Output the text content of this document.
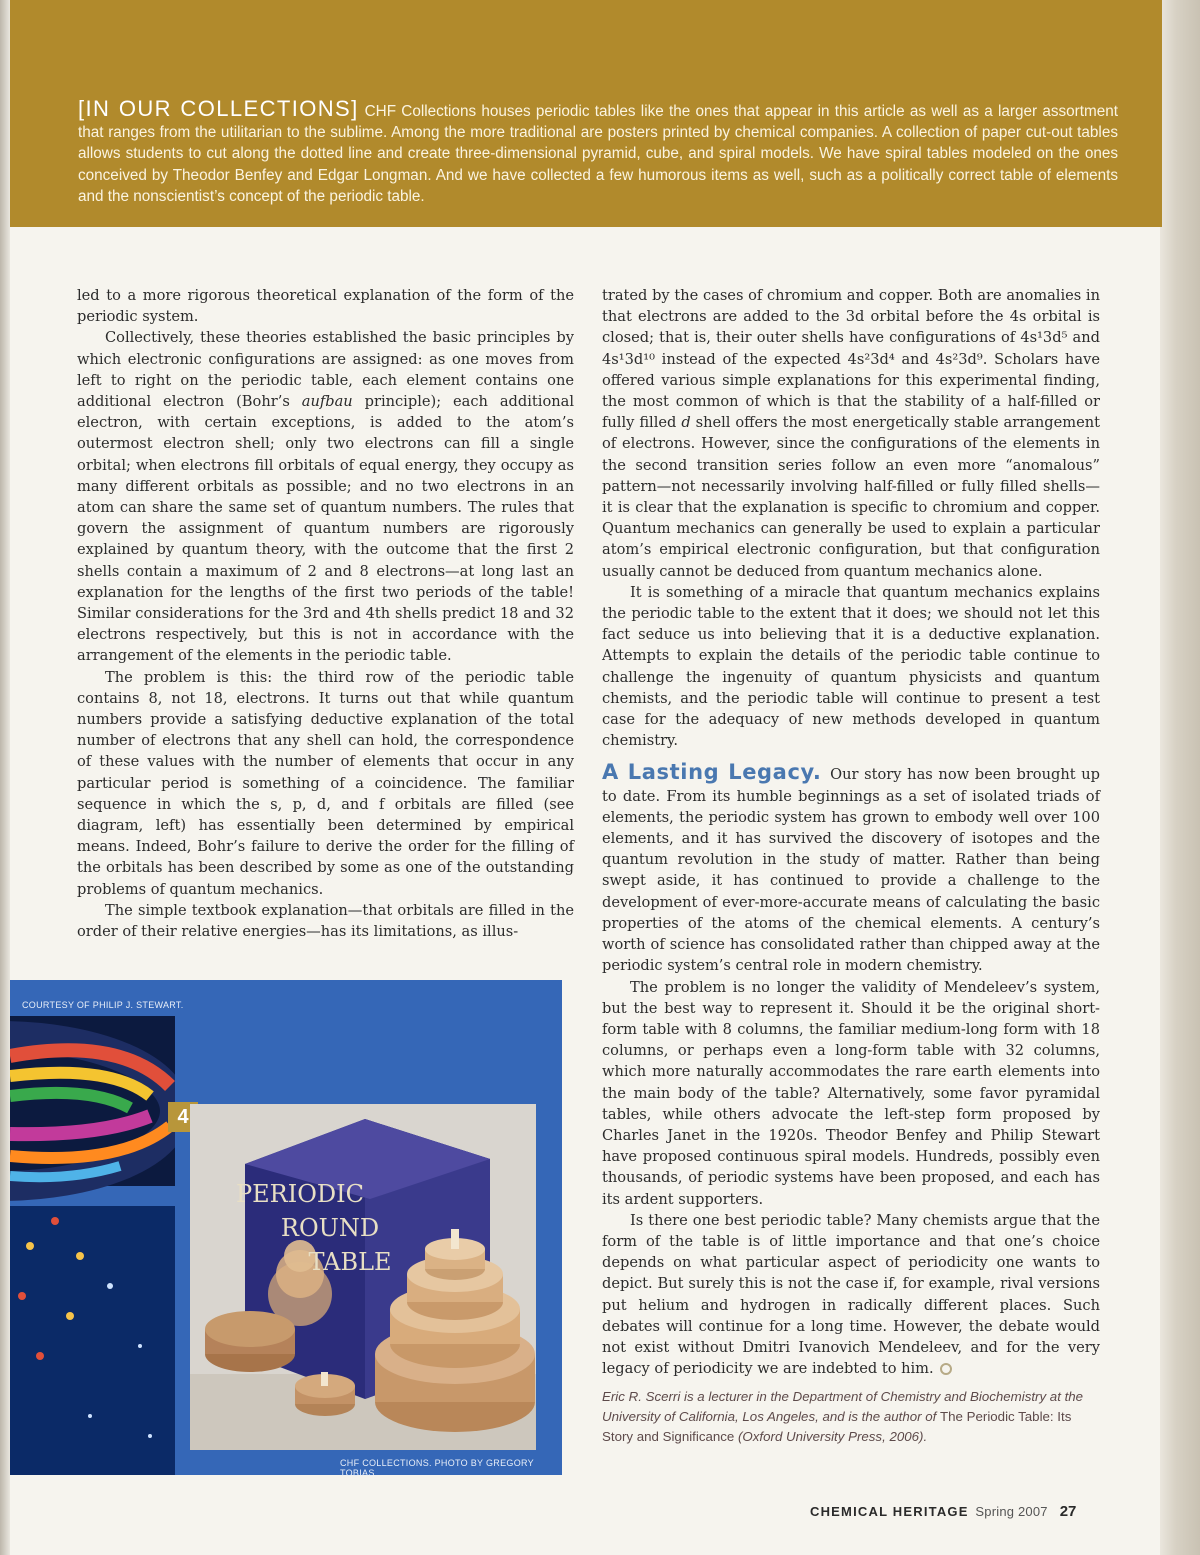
[IN OUR COLLECTIONS] CHF Collections houses periodic tables like the ones that appear in this article as well as a larger assortment that ranges from the utilitarian to the sublime. Among the more traditional are posters printed by chemical companies. A collection of paper cut-out tables allows students to cut along the dotted line and create three-dimensional pyramid, cube, and spiral models. We have spiral tables modeled on the ones conceived by Theodor Benfey and Edgar Longman. And we have collected a few humorous items as well, such as a politically correct table of elements and the nonscientist’s concept of the periodic table.

led to a more rigorous theoretical explanation of the form of the periodic system.

Collectively, these theories established the basic principles by which electronic configurations are assigned: as one moves from left to right on the periodic table, each element contains one additional electron (Bohr’s aufbau principle); each additional electron, with certain exceptions, is added to the atom’s outermost electron shell; only two electrons can fill a single orbital; when electrons fill orbitals of equal energy, they occupy as many different orbitals as possible; and no two electrons in an atom can share the same set of quantum numbers. The rules that govern the assignment of quantum numbers are rigorously explained by quantum theory, with the outcome that the first 2 shells contain a maximum of 2 and 8 electrons—at long last an explanation for the lengths of the first two periods of the table! Similar considerations for the 3rd and 4th shells predict 18 and 32 electrons respectively, but this is not in accordance with the arrangement of the elements in the periodic table.

The problem is this: the third row of the periodic table contains 8, not 18, electrons. It turns out that while quantum numbers provide a satisfying deductive explanation of the total number of electrons that any shell can hold, the correspondence of these values with the number of elements that occur in any particular period is something of a coincidence. The familiar sequence in which the s, p, d, and f orbitals are filled (see diagram, left) has essentially been determined by empirical means. Indeed, Bohr’s failure to derive the order for the filling of the orbitals has been described by some as one of the outstanding problems of quantum mechanics.

The simple textbook explanation—that orbitals are filled in the order of their relative energies—has its limitations, as illus-

trated by the cases of chromium and copper. Both are anomalies in that electrons are added to the 3d orbital before the 4s orbital is closed; that is, their outer shells have configurations of 4s¹3d⁵ and 4s¹3d¹⁰ instead of the expected 4s²3d⁴ and 4s²3d⁹. Scholars have offered various simple explanations for this experimental finding, the most common of which is that the stability of a half-filled or fully filled d shell offers the most energetically stable arrangement of electrons. However, since the configurations of the elements in the second transition series follow an even more “anomalous” pattern—not necessarily involving half-filled or fully filled shells—it is clear that the explanation is specific to chromium and copper. Quantum mechanics can generally be used to explain a particular atom’s empirical electronic configuration, but that configuration usually cannot be deduced from quantum mechanics alone.

It is something of a miracle that quantum mechanics explains the periodic table to the extent that it does; we should not let this fact seduce us into believing that it is a deductive explanation. Attempts to explain the details of the periodic table continue to challenge the ingenuity of quantum physicists and quantum chemists, and the periodic table will continue to present a test case for the adequacy of new methods developed in quantum chemistry.

A Lasting Legacy. Our story has now been brought up to date. From its humble beginnings as a set of isolated triads of elements, the periodic system has grown to embody well over 100 elements, and it has survived the discovery of isotopes and the quantum revolution in the study of matter. Rather than being swept aside, it has continued to provide a challenge to the development of ever-more-accurate means of calculating the basic properties of the atoms of the chemical elements. A century’s worth of science has consolidated rather than chipped away at the periodic system’s central role in modern chemistry.

The problem is no longer the validity of Mendeleev’s system, but the best way to represent it. Should it be the original short-form table with 8 columns, the familiar medium-long form with 18 columns, or perhaps even a long-form table with 32 columns, which more naturally accommodates the rare earth elements into the main body of the table? Alternatively, some favor pyramidal tables, while others advocate the left-step form proposed by Charles Janet in the 1920s. Theodor Benfey and Philip Stewart have proposed continuous spiral models. Hundreds, possibly even thousands, of periodic systems have been proposed, and each has its ardent supporters.

Is there one best periodic table? Many chemists argue that the form of the table is of little importance and that one’s choice depends on what particular aspect of periodicity one wants to depict. But surely this is not the case if, for example, rival versions put helium and hydrogen in radically different places. Such debates will continue for a long time. However, the debate would not exist without Dmitri Ivanovich Mendeleev, and for the very legacy of periodicity we are indebted to him.

Eric R. Scerri is a lecturer in the Department of Chemistry and Biochemistry at the University of California, Los Angeles, and is the author of The Periodic Table: Its Story and Significance (Oxford University Press, 2006).
COURTESY OF PHILIP J. STEWART.
4
PERIODIC
ROUND
TABLE
CHF COLLECTIONS. PHOTO BY GREGORY TOBIAS.
CHEMICAL HERITAGE Spring 2007 27
